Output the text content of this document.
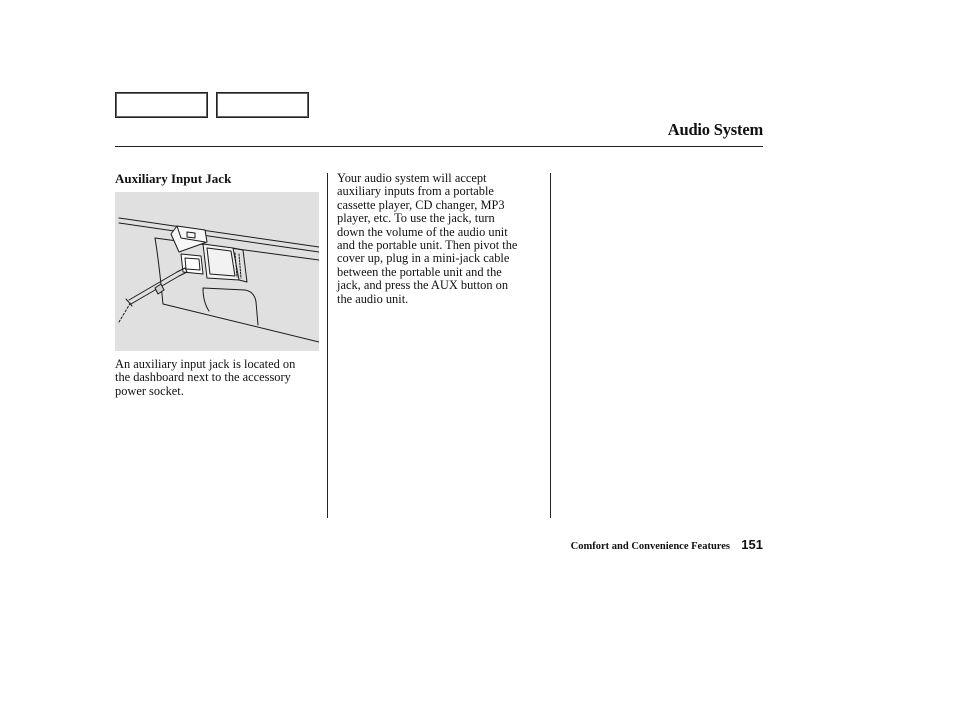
Audio System
Auxiliary Input Jack
An auxiliary input jack is located on
the dashboard next to the accessory
power socket.
Your audio system will accept
auxiliary inputs from a portable
cassette player, CD changer, MP3
player, etc. To use the jack, turn
down the volume of the audio unit
and the portable unit. Then pivot the
cover up, plug in a mini-jack cable
between the portable unit and the
jack, and press the AUX button on
the audio unit.
Comfort and Convenience Features 151
